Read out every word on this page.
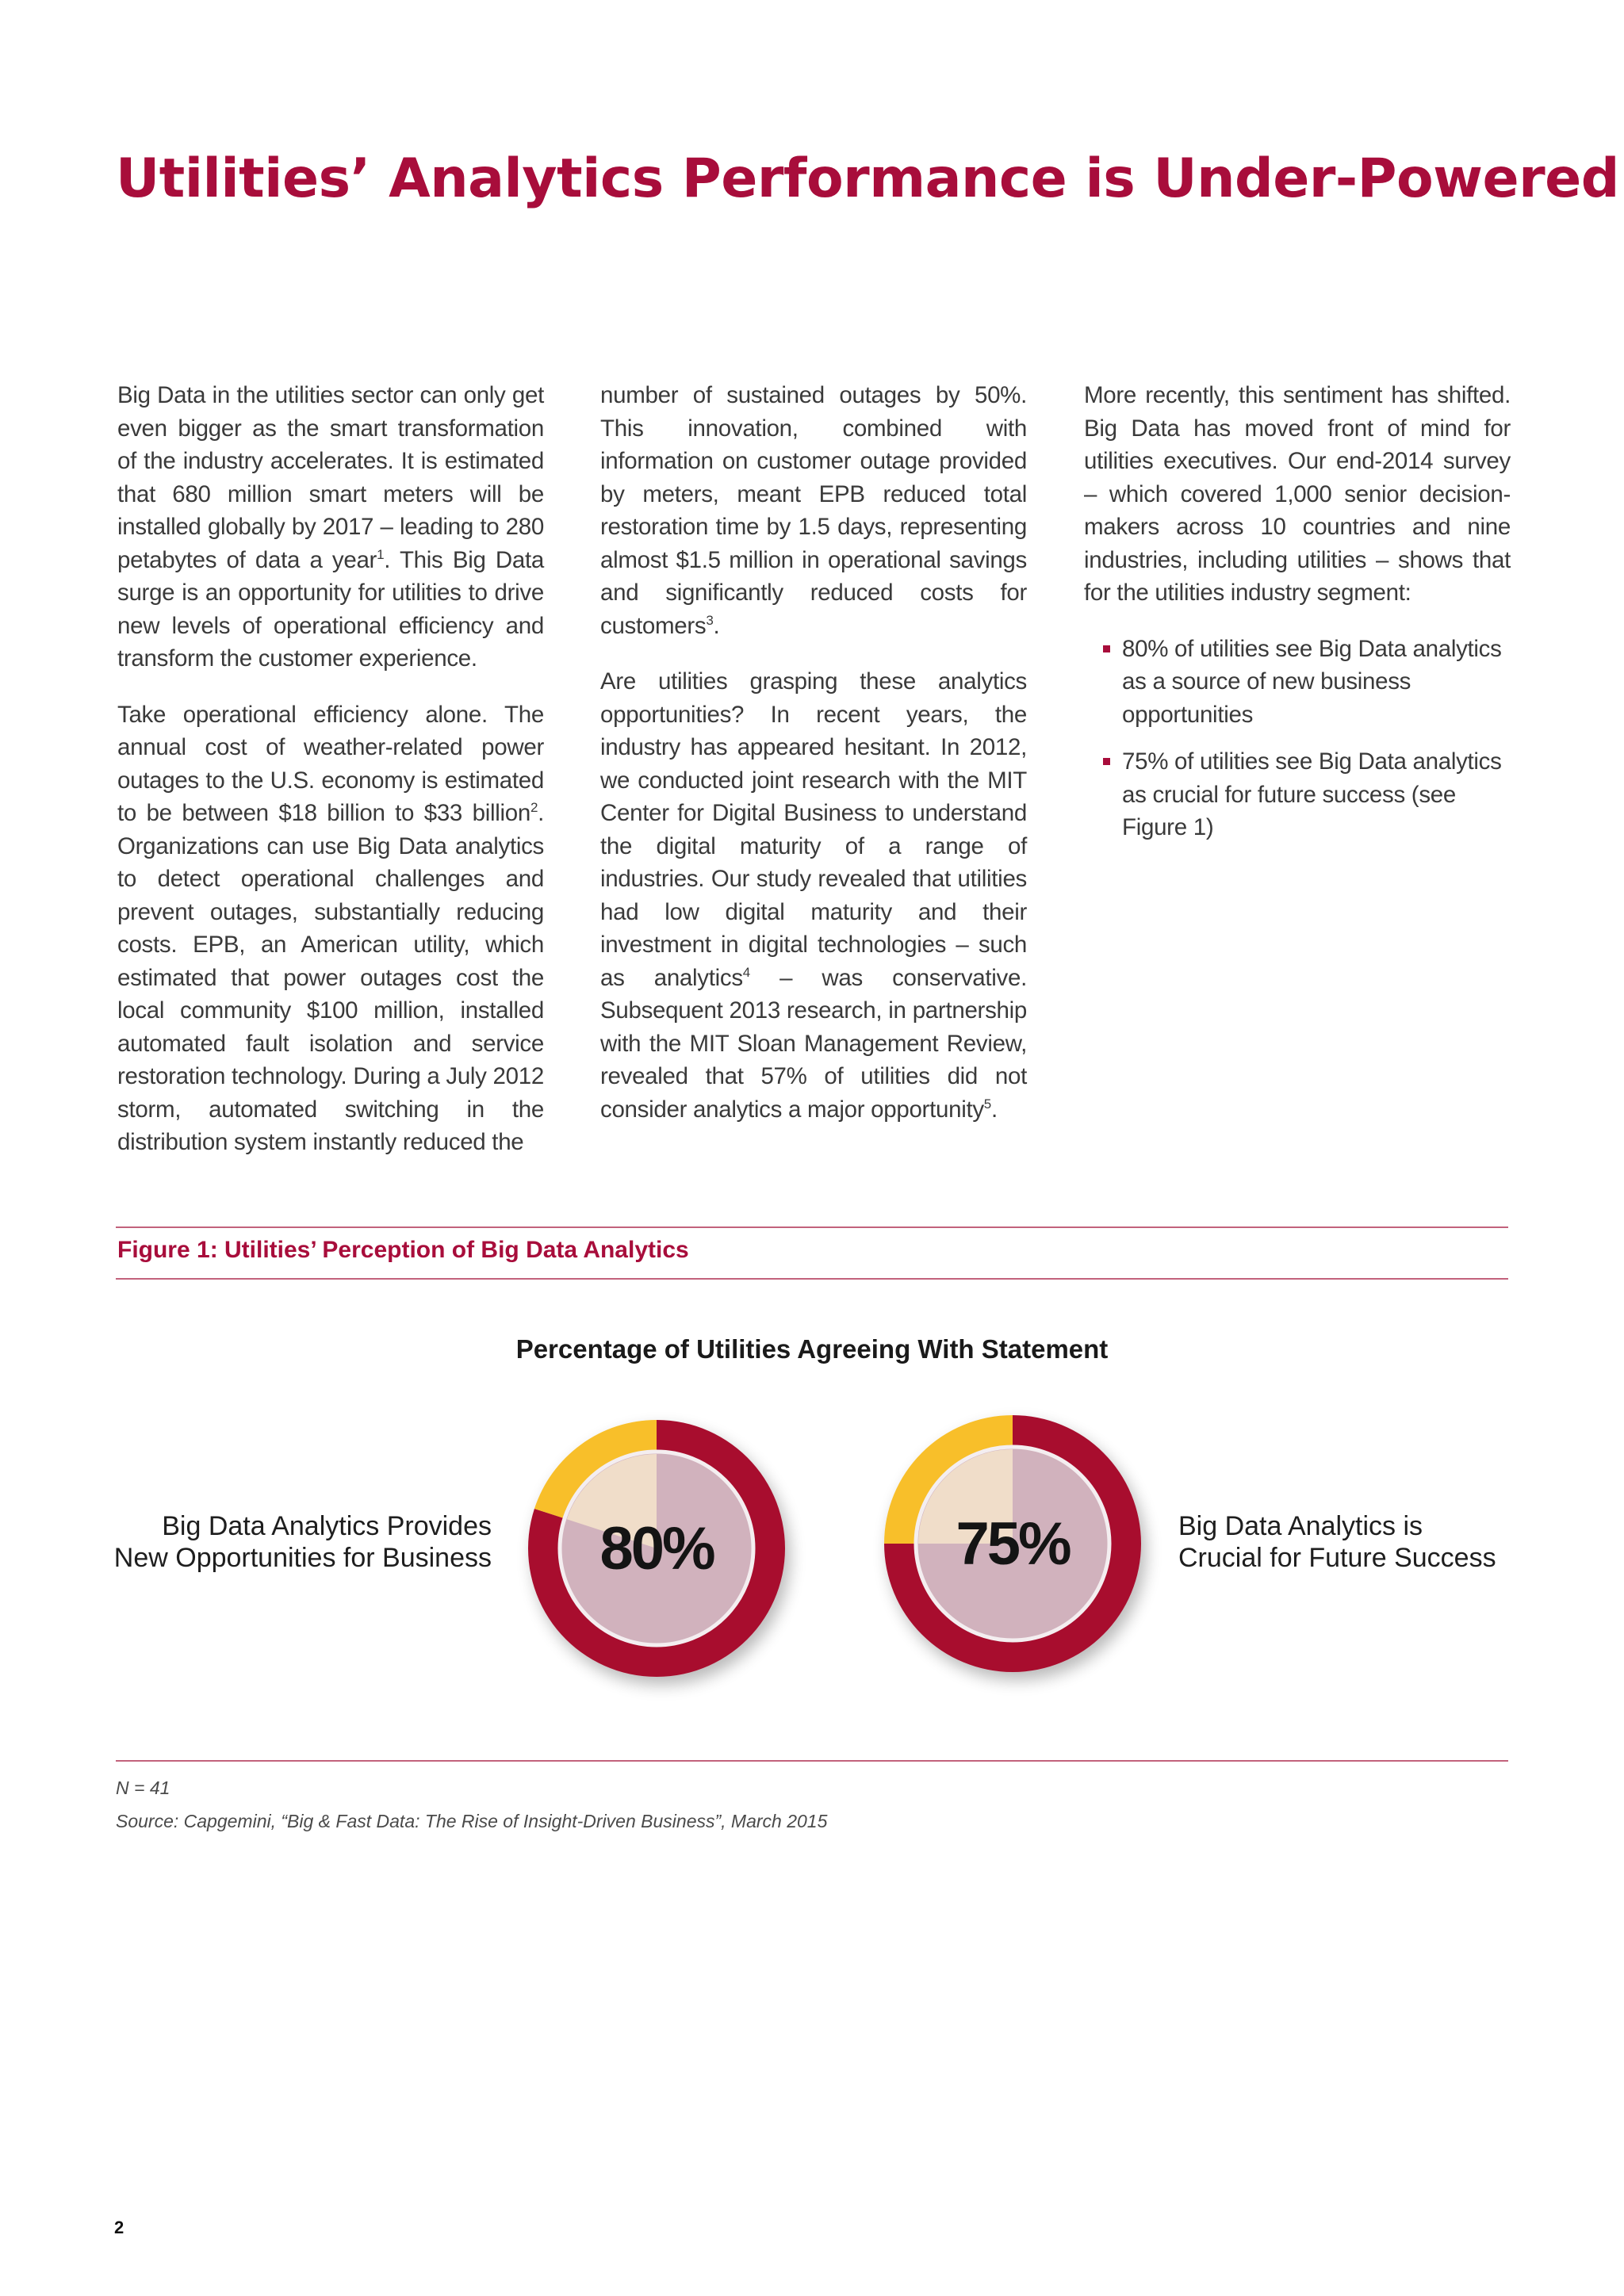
Utilities’ Analytics Performance is Under-Powered

Big Data in the utilities sector can only get even bigger as the smart transformation of the industry accelerates. It is estimated that 680 million smart meters will be installed globally by 2017 – leading to 280 petabytes of data a year$^1$. This Big Data surge is an opportunity for utilities to drive new levels of operational efficiency and transform the customer experience.

Take operational efficiency alone. The annual cost of weather-related power outages to the U.S. economy is estimated to be between $18 billion to $33 billion$^2$. Organizations can use Big Data analytics to detect operational challenges and prevent outages, substantially reducing costs. EPB, an American utility, which estimated that power outages cost the local community $100 million, installed automated fault isolation and service restoration technology. During a July 2012 storm, automated switching in the distribution system instantly reduced the

number of sustained outages by 50%. This innovation, combined with information on customer outage provided by meters, meant EPB reduced total restoration time by 1.5 days, representing almost $1.5 million in operational savings and significantly reduced costs for customers$^3$.

Are utilities grasping these analytics opportunities? In recent years, the industry has appeared hesitant. In 2012, we conducted joint research with the MIT Center for Digital Business to understand the digital maturity of a range of industries. Our study revealed that utilities had low digital maturity and their investment in digital technologies – such as analytics$^4$ – was conservative. Subsequent 2013 research, in partnership with the MIT Sloan Management Review, revealed that 57% of utilities did not consider analytics a major opportunity$^5$.

More recently, this sentiment has shifted. Big Data has moved front of mind for utilities executives. Our end-2014 survey – which covered 1,000 senior decision-makers across 10 countries and nine industries, including utilities – shows that for the utilities industry segment:

80% of utilities see Big Data analytics as a source of new business opportunities
75% of utilities see Big Data analytics as crucial for future success (see Figure 1)
Figure 1: Utilities’ Perception of Big Data Analytics
Percentage of Utilities Agreeing With Statement
Big Data Analytics Provides
New Opportunities for Business
Big Data Analytics is
Crucial for Future Success
80%	75%
N = 41
Source: Capgemini, “Big & Fast Data: The Rise of Insight-Driven Business”, March 2015
2
